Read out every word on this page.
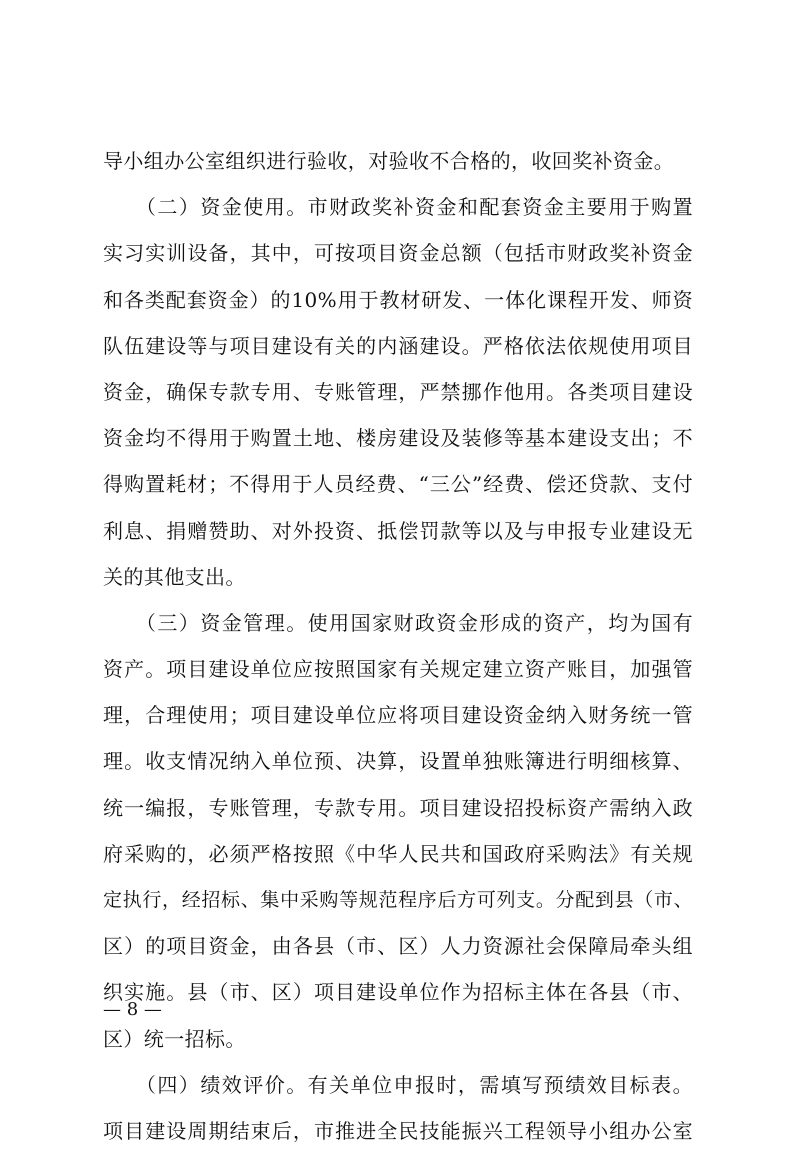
导小组办公室组织进行验收，对验收不合格的，收回奖补资金。
　　（二）资金使用。市财政奖补资金和配套资金主要用于购置
实习实训设备，其中，可按项目资金总额（包括市财政奖补资金
和各类配套资金）的10%用于教材研发、一体化课程开发、师资
队伍建设等与项目建设有关的内涵建设。严格依法依规使用项目
资金，确保专款专用、专账管理，严禁挪作他用。各类项目建设
资金均不得用于购置土地、楼房建设及装修等基本建设支出；不
得购置耗材；不得用于人员经费、“三公”经费、偿还贷款、支付
利息、捐赠赞助、对外投资、抵偿罚款等以及与申报专业建设无
关的其他支出。
　　（三）资金管理。使用国家财政资金形成的资产，均为国有
资产。项目建设单位应按照国家有关规定建立资产账目，加强管
理，合理使用；项目建设单位应将项目建设资金纳入财务统一管
理。收支情况纳入单位预、决算，设置单独账簿进行明细核算、
统一编报，专账管理，专款专用。项目建设招投标资产需纳入政
府采购的，必须严格按照《中华人民共和国政府采购法》有关规
定执行，经招标、集中采购等规范程序后方可列支。分配到县（市、
区）的项目资金，由各县（市、区）人力资源社会保障局牵头组
织实施。县（市、区）项目建设单位作为招标主体在各县（市、
区）统一招标。
　　（四）绩效评价。有关单位申报时，需填写预绩效目标表。
项目建设周期结束后，市推进全民技能振兴工程领导小组办公室
— 8 —
